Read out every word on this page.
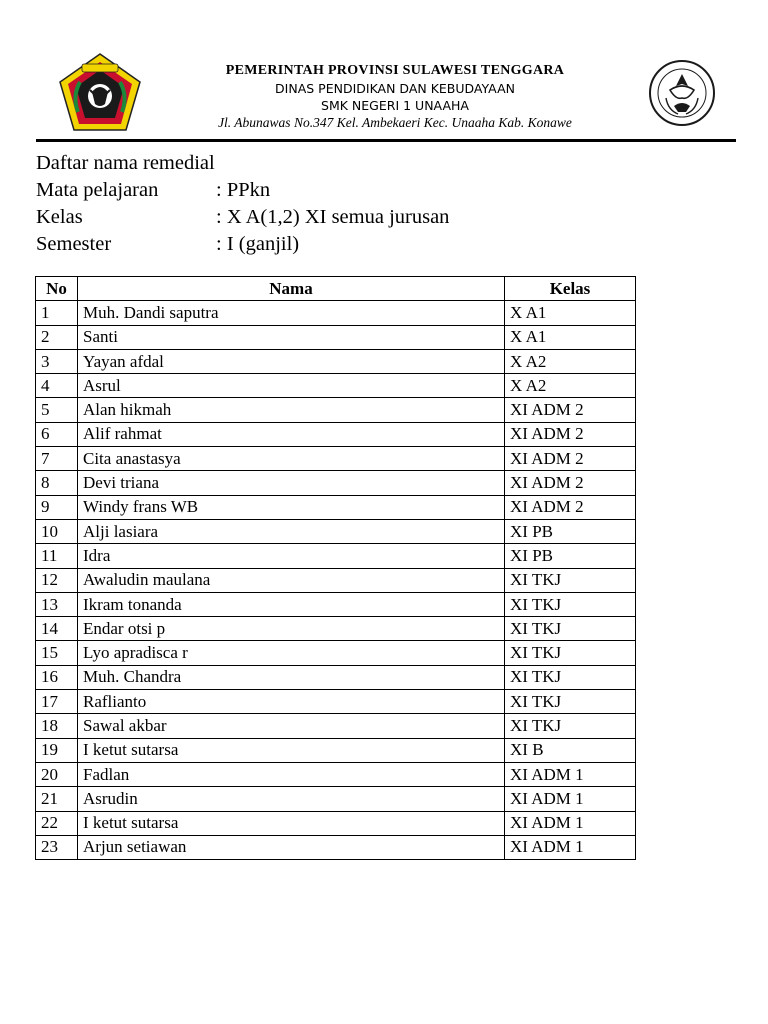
PEMERINTAH PROVINSI SULAWESI TENGGARA
DINAS PENDIDIKAN DAN KEBUDAYAAN
SMK NEGERI 1 UNAAHA
Jl. Abunawas No.347 Kel. Ambekaeri Kec. Unaaha Kab. Konawe
Daftar nama remedial
Mata pelajaran	: PPkn
Kelas	: X A(1,2) XI semua jurusan
Semester	: I (ganjil)
No	Nama	Kelas
1	Muh. Dandi saputra	X A1
2	Santi	X A1
3	Yayan afdal	X A2
4	Asrul	X A2
5	Alan hikmah	XI ADM 2
6	Alif rahmat	XI ADM 2
7	Cita anastasya	XI ADM 2
8	Devi triana	XI ADM 2
9	Windy frans WB	XI ADM 2
10	Alji lasiara	XI PB
11	Idra	XI PB
12	Awaludin maulana	XI TKJ
13	Ikram tonanda	XI TKJ
14	Endar otsi p	XI TKJ
15	Lyo apradisca r	XI TKJ
16	Muh. Chandra	XI TKJ
17	Raflianto	XI TKJ
18	Sawal akbar	XI TKJ
19	I ketut sutarsa	XI B
20	Fadlan	XI ADM 1
21	Asrudin	XI ADM 1
22	I ketut sutarsa	XI ADM 1
23	Arjun setiawan	XI ADM 1
